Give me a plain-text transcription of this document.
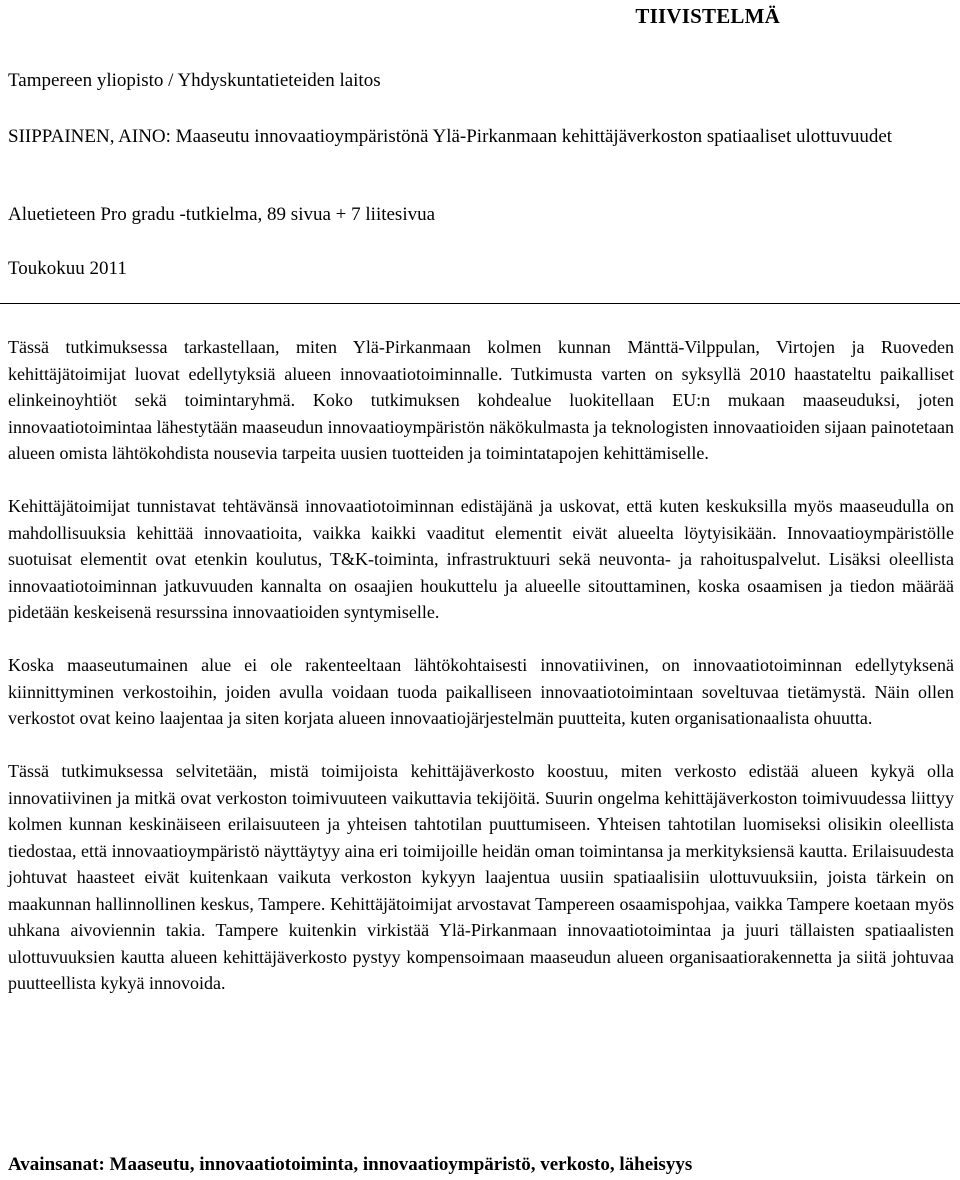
TIIVISTELMÄ
Tampereen yliopisto / Yhdyskuntatieteiden laitos
SIIPPAINEN, AINO: Maaseutu innovaatioympäristönä Ylä-Pirkanmaan kehittäjäverkoston spatiaaliset ulottuvuudet
Aluetieteen Pro gradu -tutkielma, 89 sivua + 7 liitesivua
Toukokuu 2011

Tässä tutkimuksessa tarkastellaan, miten Ylä-Pirkanmaan kolmen kunnan Mänttä-Vilppulan, Virtojen ja Ruoveden kehittäjätoimijat luovat edellytyksiä alueen innovaatiotoiminnalle. Tutkimusta varten on syksyllä 2010 haastateltu paikalliset elinkeinoyhtiöt sekä toimintaryhmä. Koko tutkimuksen kohdealue luokitellaan EU:n mukaan maaseuduksi, joten innovaatiotoimintaa lähestytään maaseudun innovaatioympäristön näkökulmasta ja teknologisten innovaatioiden sijaan painotetaan alueen omista lähtökohdista nousevia tarpeita uusien tuotteiden ja toimintatapojen kehittämiselle.

Kehittäjätoimijat tunnistavat tehtävänsä innovaatiotoiminnan edistäjänä ja uskovat, että kuten keskuksilla myös maaseudulla on mahdollisuuksia kehittää innovaatioita, vaikka kaikki vaaditut elementit eivät alueelta löytyisikään. Innovaatioympäristölle suotuisat elementit ovat etenkin koulutus, T&K-toiminta, infrastruktuuri sekä neuvonta- ja rahoituspalvelut. Lisäksi oleellista innovaatiotoiminnan jatkuvuuden kannalta on osaajien houkuttelu ja alueelle sitouttaminen, koska osaamisen ja tiedon määrää pidetään keskeisenä resurssina innovaatioiden syntymiselle.

Koska maaseutumainen alue ei ole rakenteeltaan lähtökohtaisesti innovatiivinen, on innovaatiotoiminnan edellytyksenä kiinnittyminen verkostoihin, joiden avulla voidaan tuoda paikalliseen innovaatiotoimintaan soveltuvaa tietämystä. Näin ollen verkostot ovat keino laajentaa ja siten korjata alueen innovaatiojärjestelmän puutteita, kuten organisationaalista ohuutta.

Tässä tutkimuksessa selvitetään, mistä toimijoista kehittäjäverkosto koostuu, miten verkosto edistää alueen kykyä olla innovatiivinen ja mitkä ovat verkoston toimivuuteen vaikuttavia tekijöitä. Suurin ongelma kehittäjäverkoston toimivuudessa liittyy kolmen kunnan keskinäiseen erilaisuuteen ja yhteisen tahtotilan puuttumiseen. Yhteisen tahtotilan luomiseksi olisikin oleellista tiedostaa, että innovaatioympäristö näyttäytyy aina eri toimijoille heidän oman toimintansa ja merkityksiensä kautta. Erilaisuudesta johtuvat haasteet eivät kuitenkaan vaikuta verkoston kykyyn laajentua uusiin spatiaalisiin ulottuvuuksiin, joista tärkein on maakunnan hallinnollinen keskus, Tampere. Kehittäjätoimijat arvostavat Tampereen osaamispohjaa, vaikka Tampere koetaan myös uhkana aivoviennin takia. Tampere kuitenkin virkistää Ylä-Pirkanmaan innovaatiotoimintaa ja juuri tällaisten spatiaalisten ulottuvuuksien kautta alueen kehittäjäverkosto pystyy kompensoimaan maaseudun alueen organisaatiorakennetta ja siitä johtuvaa puutteellista kykyä innovoida.

Avainsanat: Maaseutu, innovaatiotoiminta, innovaatioympäristö, verkosto, läheisyys
